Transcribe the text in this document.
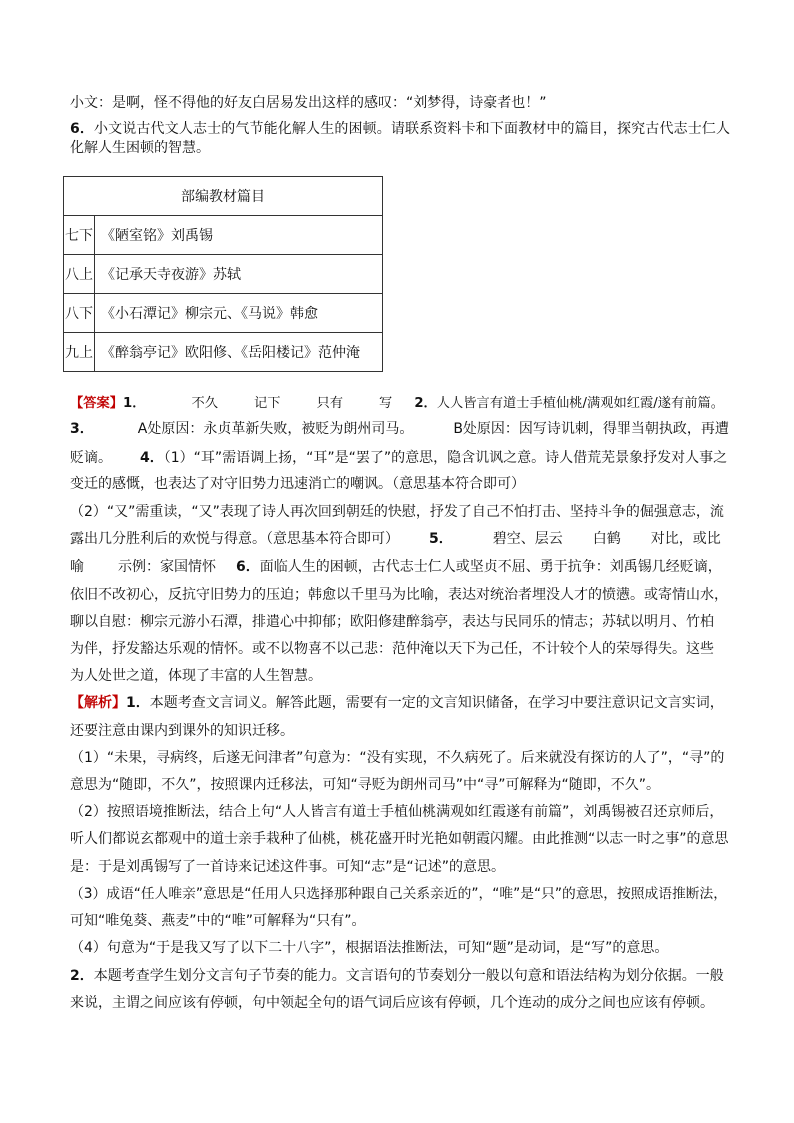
小文：是啊，怪不得他的好友白居易发出这样的感叹：“刘梦得，诗豪者也！”
6．小文说古代文人志士的气节能化解人生的困顿。请联系资料卡和下面教材中的篇目，探究古代志士仁人化解人生困顿的智慧。
部编教材篇目	
七下	《陋室铭》刘禹锡
八上	《记承天寺夜游》苏轼
八下	《小石潭记》柳宗元、《马说》韩愈
九上	《醉翁亭记》欧阳修、《岳阳楼记》范仲淹
【答案】1．	不久	记下	只有	写 2．人人皆言有道士手植仙桃/满观如红霞/遂有前篇。
3．	A处原因：永贞革新失败，被贬为朗州司马。	B处原因：因写诗讥刺，得罪当朝执政，再遭
贬谪。 4．（1）“耳”需语调上扬，“耳”是“罢了”的意思，隐含讥讽之意。诗人借荒芜景象抒发对人事之
变迁的感慨，也表达了对守旧势力迅速消亡的嘲讽。（意思基本符合即可）
（2）“又”需重读，“又”表现了诗人再次回到朝廷的快慰，抒发了自己不怕打击、坚持斗争的倔强意志，流
露出几分胜利后的欢悦与得意。（意思基本符合即可） 5．	碧空、层云 白鹤 对比，或比
喻 示例：家国情怀 6．面临人生的困顿，古代志士仁人或坚贞不屈、勇于抗争：刘禹锡几经贬谪，
依旧不改初心，反抗守旧势力的压迫；韩愈以千里马为比喻，表达对统治者埋没人才的愤懑。或寄情山水，
聊以自慰：柳宗元游小石潭，排遣心中抑郁；欧阳修建醉翁亭，表达与民同乐的情志；苏轼以明月、竹柏
为伴，抒发豁达乐观的情怀。或不以物喜不以己悲：范仲淹以天下为己任，不计较个人的荣辱得失。这些
为人处世之道，体现了丰富的人生智慧。
【解析】1．本题考查文言词义。解答此题，需要有一定的文言知识储备，在学习中要注意识记文言实词，
还要注意由课内到课外的知识迁移。
（1）“未果，寻病终，后遂无问津者”句意为：“没有实现，不久病死了。后来就没有探访的人了”，“寻”的
意思为“随即，不久”，按照课内迁移法，可知“寻贬为朗州司马”中“寻”可解释为“随即，不久”。
（2）按照语境推断法，结合上句“人人皆言有道士手植仙桃满观如红霞遂有前篇”，刘禹锡被召还京师后，
听人们都说玄都观中的道士亲手栽种了仙桃，桃花盛开时光艳如朝霞闪耀。由此推测“以志一时之事”的意思
是：于是刘禹锡写了一首诗来记述这件事。可知“志”是“记述”的意思。
（3）成语“任人唯亲”意思是“任用人只选择那种跟自己关系亲近的”，“唯”是“只”的意思，按照成语推断法，
可知“唯兔葵、燕麦”中的“唯”可解释为“只有”。
（4）句意为“于是我又写了以下二十八字”，根据语法推断法，可知“题”是动词，是“写”的意思。
2．本题考查学生划分文言句子节奏的能力。文言语句的节奏划分一般以句意和语法结构为划分依据。一般
来说，主谓之间应该有停顿，句中领起全句的语气词后应该有停顿，几个连动的成分之间也应该有停顿。
